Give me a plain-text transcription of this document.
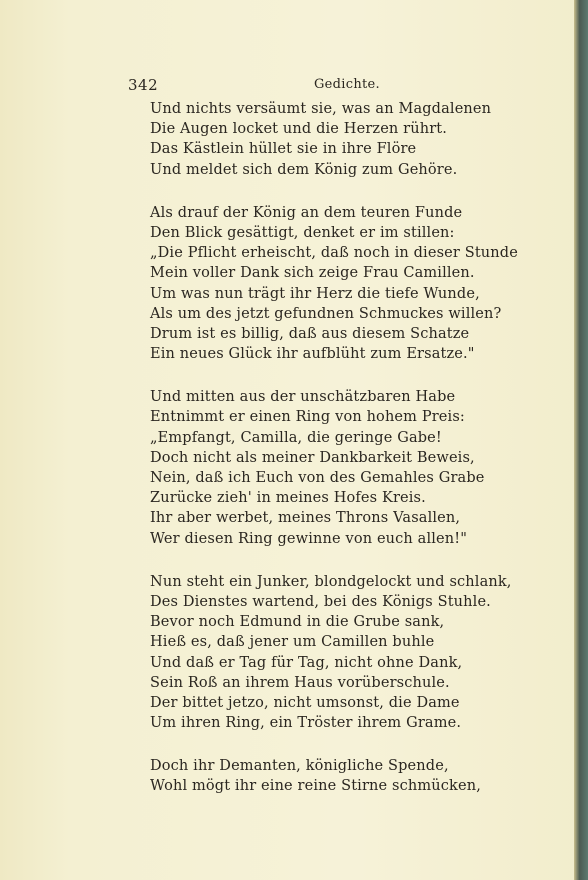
342	Gedichte.
Und nichts versäumt sie, was an Magdalenen
Die Augen locket und die Herzen rührt.
Das Kästlein hüllet sie in ihre Flöre
Und meldet sich dem König zum Gehöre.
Als drauf der König an dem teuren Funde
Den Blick gesättigt, denket er im stillen:
„Die Pflicht erheischt, daß noch in dieser Stunde
Mein voller Dank sich zeige Frau Camillen.
Um was nun trägt ihr Herz die tiefe Wunde,
Als um des jetzt gefundnen Schmuckes willen?
Drum ist es billig, daß aus diesem Schatze
Ein neues Glück ihr aufblüht zum Ersatze."
Und mitten aus der unschätzbaren Habe
Entnimmt er einen Ring von hohem Preis:
„Empfangt, Camilla, die geringe Gabe!
Doch nicht als meiner Dankbarkeit Beweis,
Nein, daß ich Euch von des Gemahles Grabe
Zurücke zieh' in meines Hofes Kreis.
Ihr aber werbet, meines Throns Vasallen,
Wer diesen Ring gewinne von euch allen!"
Nun steht ein Junker, blondgelockt und schlank,
Des Dienstes wartend, bei des Königs Stuhle.
Bevor noch Edmund in die Grube sank,
Hieß es, daß jener um Camillen buhle
Und daß er Tag für Tag, nicht ohne Dank,
Sein Roß an ihrem Haus vorüberschule.
Der bittet jetzo, nicht umsonst, die Dame
Um ihren Ring, ein Tröster ihrem Grame.
Doch ihr Demanten, königliche Spende,
Wohl mögt ihr eine reine Stirne schmücken,
